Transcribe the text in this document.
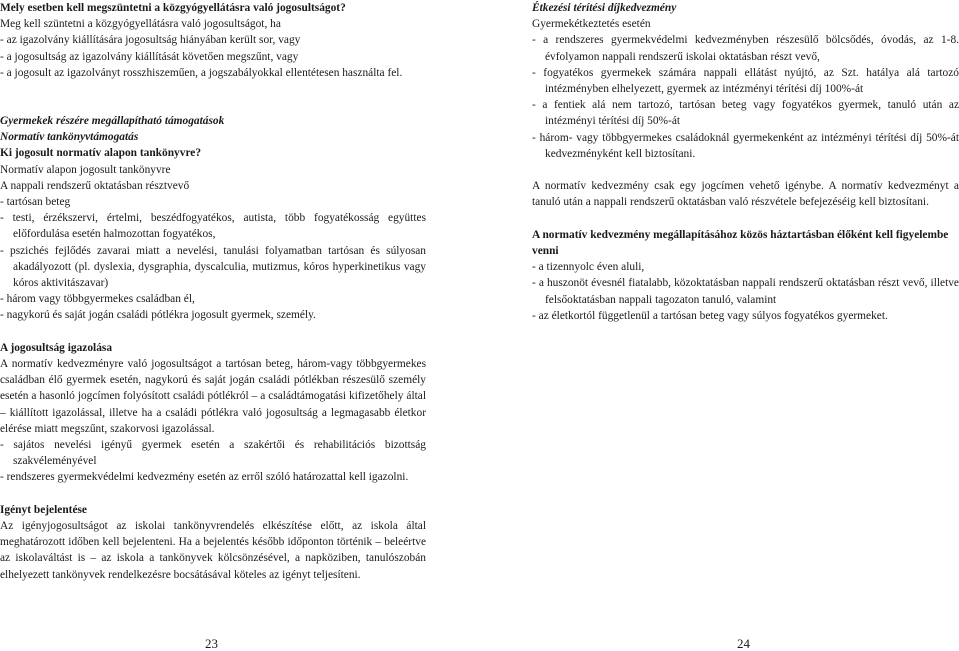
Mely esetben kell megszüntetni a közgyógyellátásra való jogosultságot?

Meg kell szüntetni a közgyógyellátásra való jogosultságot, ha

- az igazolvány kiállítására jogosultság hiányában került sor, vagy

- a jogosultság az igazolvány kiállítását követően megszűnt, vagy

- a jogosult az igazolványt rosszhiszeműen, a jogszabályokkal ellentétesen használta fel.

Gyermekek részére megállapítható támogatások

Normatív tankönyvtámogatás

Ki jogosult normatív alapon tankönyvre?

Normatív alapon jogosult tankönyvre

A nappali rendszerű oktatásban résztvevő

- tartósan beteg

- testi, érzékszervi, értelmi, beszédfogyatékos, autista, több fogyatékosság együttes előfordulása esetén halmozottan fogyatékos,

- pszichés fejlődés zavarai miatt a nevelési, tanulási folyamatban tartósan és súlyosan akadályozott (pl. dyslexia, dysgraphia, dyscalculia, mutizmus, kóros hyperkinetikus vagy kóros aktivitászavar)

- három vagy többgyermekes családban él,

- nagykorú és saját jogán családi pótlékra jogosult gyermek, személy.

A jogosultság igazolása

A normatív kedvezményre való jogosultságot a tartósan beteg, három-vagy többgyermekes családban élő gyermek esetén, nagykorú és saját jogán családi pótlékban részesülő személy esetén a hasonló jogcímen folyósított családi pótlékról – a családtámogatási kifizetőhely által – kiállított igazolással, illetve ha a családi pótlékra való jogosultság a legmagasabb életkor elérése miatt megszűnt, szakorvosi igazolással.

- sajátos nevelési igényű gyermek esetén a szakértői és rehabilitációs bizottság szakvéleményével

- rendszeres gyermekvédelmi kedvezmény esetén az erről szóló határozattal kell igazolni.

Igényt bejelentése

Az igényjogosultságot az iskolai tankönyvrendelés elkészítése előtt, az iskola által meghatározott időben kell bejelenteni. Ha a bejelentés később időponton történik – beleértve az iskolaváltást is – az iskola a tankönyvek kölcsönzésével, a napköziben, tanulószobán elhelyezett tankönyvek rendelkezésre bocsátásával köteles az igényt teljesíteni.

Étkezési térítési díjkedvezmény

Gyermekétkeztetés esetén

- a rendszeres gyermekvédelmi kedvezményben részesülő bölcsődés, óvodás, az 1-8. évfolyamon nappali rendszerű iskolai oktatásban részt vevő,

- fogyatékos gyermekek számára nappali ellátást nyújtó, az Szt. hatálya alá tartozó intézményben elhelyezett, gyermek az intézményi térítési díj 100%-át

- a fentiek alá nem tartozó, tartósan beteg vagy fogyatékos gyermek, tanuló után az intézményi térítési díj 50%-át

- három- vagy többgyermekes családoknál gyermekenként az intézményi térítési díj 50%-át kedvezményként kell biztosítani.

A normatív kedvezmény csak egy jogcímen vehető igénybe. A normatív kedvezményt a tanuló után a nappali rendszerű oktatásban való részvétele befejezéséig kell biztosítani.

A normatív kedvezmény megállapításához közös háztartásban élőként kell figyelembe venni

- a tizennyolc éven aluli,

- a huszonöt évesnél fiatalabb, közoktatásban nappali rendszerű oktatásban részt vevő, illetve felsőoktatásban nappali tagozaton tanuló, valamint

- az életkortól függetlenül a tartósan beteg vagy súlyos fogyatékos gyermeket.

23	24
